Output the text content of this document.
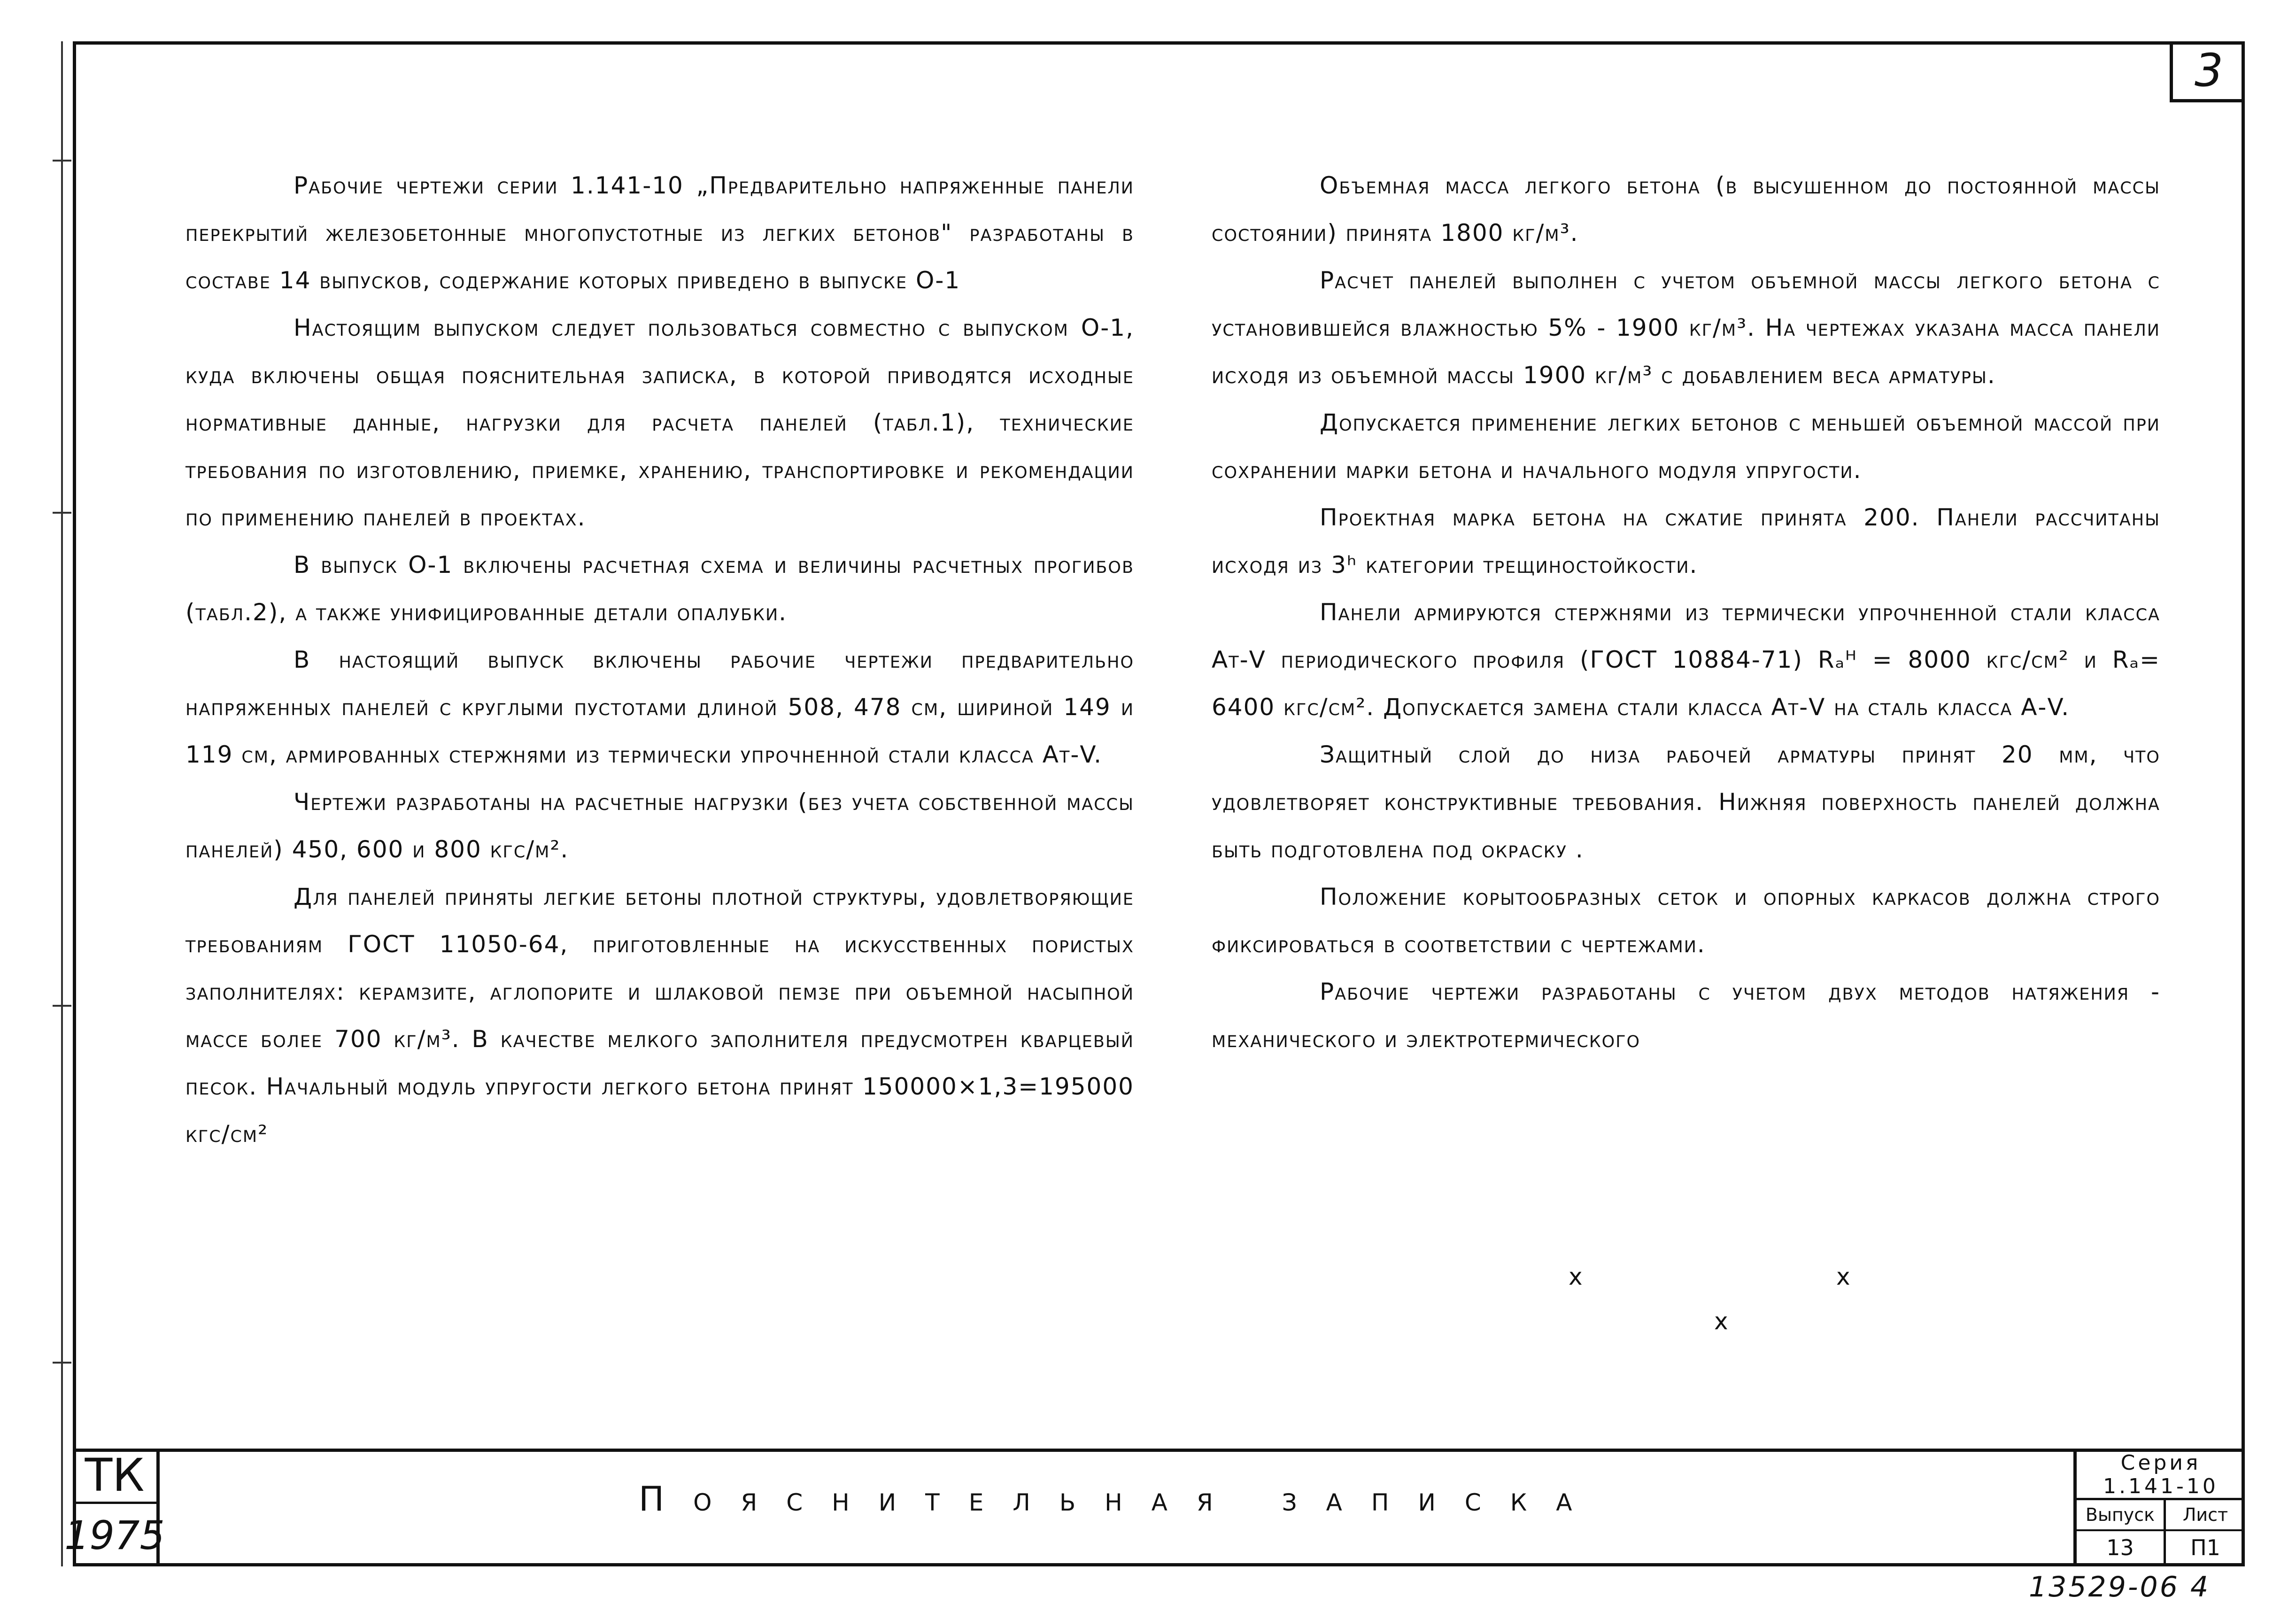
3

Рабочие чертежи серии 1.141-10 „Предварительно напряженные панели перекрытий железобетонные многопустотные из легких бетонов" разработаны в составе 14 выпусков, содержание которых приведено в выпуске О-1

Настоящим выпуском следует пользоваться совместно с выпуском О-1, куда включены общая пояснительная записка, в которой приводятся исходные нормативные данные, нагрузки для расчета панелей (табл.1), технические требования по изготовлению, приемке, хранению, транспортировке и рекомендации по применению панелей в проектах.

В выпуск О-1 включены расчетная схема и величины расчетных прогибов (табл.2), а также унифицированные детали опалубки.

В настоящий выпуск включены рабочие чертежи предварительно напряженных панелей с круглыми пустотами длиной 508, 478 см, шириной 149 и 119 см, армированных стержнями из термически упрочненной стали класса Ат-V.

Чертежи разработаны на расчетные нагрузки (без учета собственной массы панелей) 450, 600 и 800 кгс/м².

Для панелей приняты легкие бетоны плотной структуры, удовлетворяющие требованиям ГОСТ 11050-64, приготовленные на искусственных пористых заполнителях: керамзите, аглопорите и шлаковой пемзе при объемной насыпной массе более 700 кг/м³. В качестве мелкого заполнителя предусмотрен кварцевый песок. Начальный модуль упругости легкого бетона принят 150000×1,3=195000 кгс/см²

Объемная масса легкого бетона (в высушенном до постоянной массы состоянии) принята 1800 кг/м³.

Расчет панелей выполнен с учетом объемной массы легкого бетона с установившейся влажностью 5% - 1900 кг/м³. На чертежах указана масса панели исходя из объемной массы 1900 кг/м³ с добавлением веса арматуры.

Допускается применение легких бетонов с меньшей объемной массой при сохранении марки бетона и начального модуля упругости.

Проектная марка бетона на сжатие принята 200. Панели рассчитаны исходя из 3ʰ категории трещиностойкости.

Панели армируются стержнями из термически упрочненной стали класса Ат-V периодического профиля (ГОСТ 10884-71) Rₐᴴ = 8000 кгс/см² и Rₐ= 6400 кгс/см². Допускается замена стали класса Ат-V на сталь класса А-V.

Защитный слой до низа рабочей арматуры принят 20 мм, что удовлетворяет конструктивные требования. Нижняя поверхность панелей должна быть подготовлена под окраску .

Положение корытообразных сеток и опорных каркасов должна строго фиксироваться в соответствии с чертежами.

Рабочие чертежи разработаны с учетом двух методов натяжения - механического и электротермического

x	x
x
ТК
1975
Пояснительная записка
Серия
1.141-10
Выпуск
13
Лист
П1
13529-06 4
